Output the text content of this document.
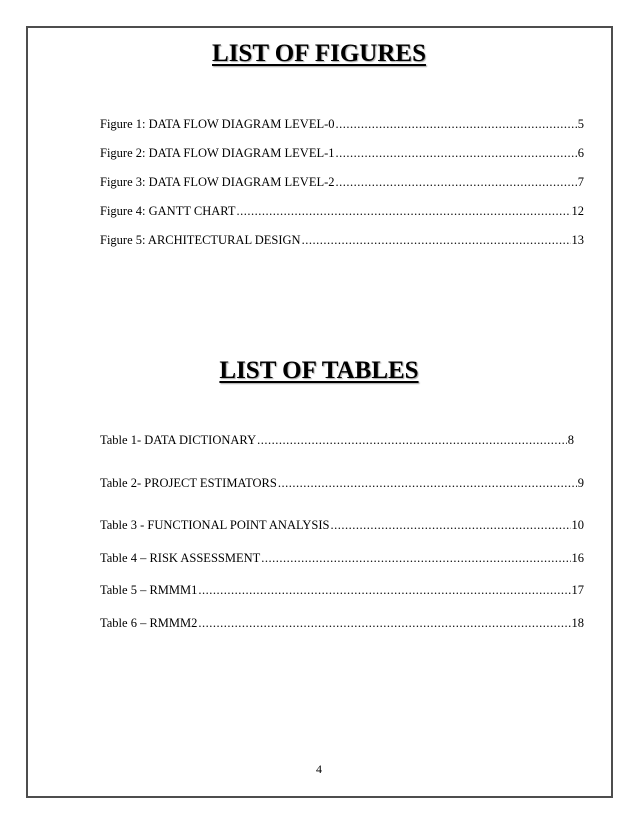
LIST OF FIGURES
Figure 1: DATA FLOW DIAGRAM LEVEL-0 .....	5
Figure 2: DATA FLOW DIAGRAM LEVEL-1 .....	6
Figure 3: DATA FLOW DIAGRAM LEVEL-2 .....	7
Figure 4: GANTT CHART .....	12
Figure 5: ARCHITECTURAL DESIGN .....	13
LIST OF TABLES
Table 1- DATA DICTIONARY .....	8
Table 2- PROJECT ESTIMATORS .....	9
Table 3 - FUNCTIONAL POINT ANALYSIS .....	10
Table 4 – RISK ASSESSMENT .....	16
Table 5 – RMMM1 .....	17
Table 6 – RMMM2 .....	18
4
